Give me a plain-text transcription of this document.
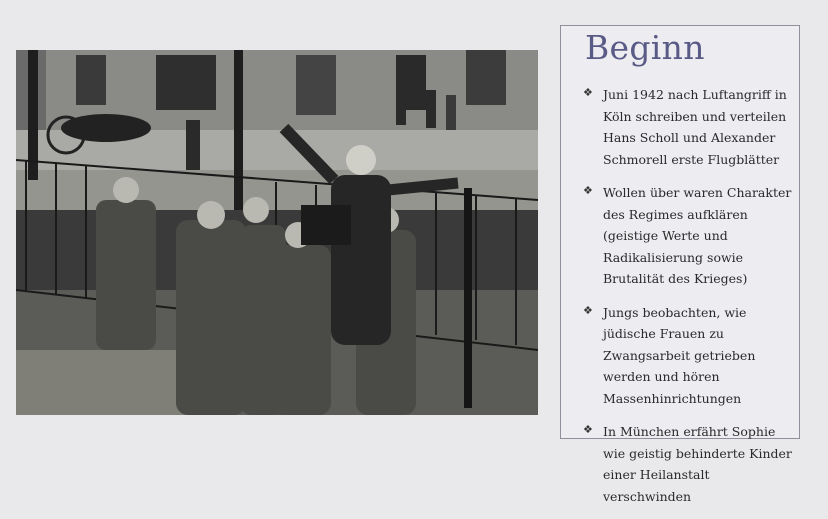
Beginn
❖ Juni 1942 nach Luftangriff in Köln schreiben und verteilen Hans Scholl und Alexander Schmorell erste Flugblätter
❖ Wollen über waren Charakter des Regimes aufklären (geistige Werte und Radikalisierung sowie Brutalität des Krieges)
❖ Jungs beobachten, wie jüdische Frauen zu Zwangsarbeit getrieben werden und hören Massenhinrichtungen
❖ In München erfährt Sophie wie geistig behinderte Kinder einer Heilanstalt verschwinden
